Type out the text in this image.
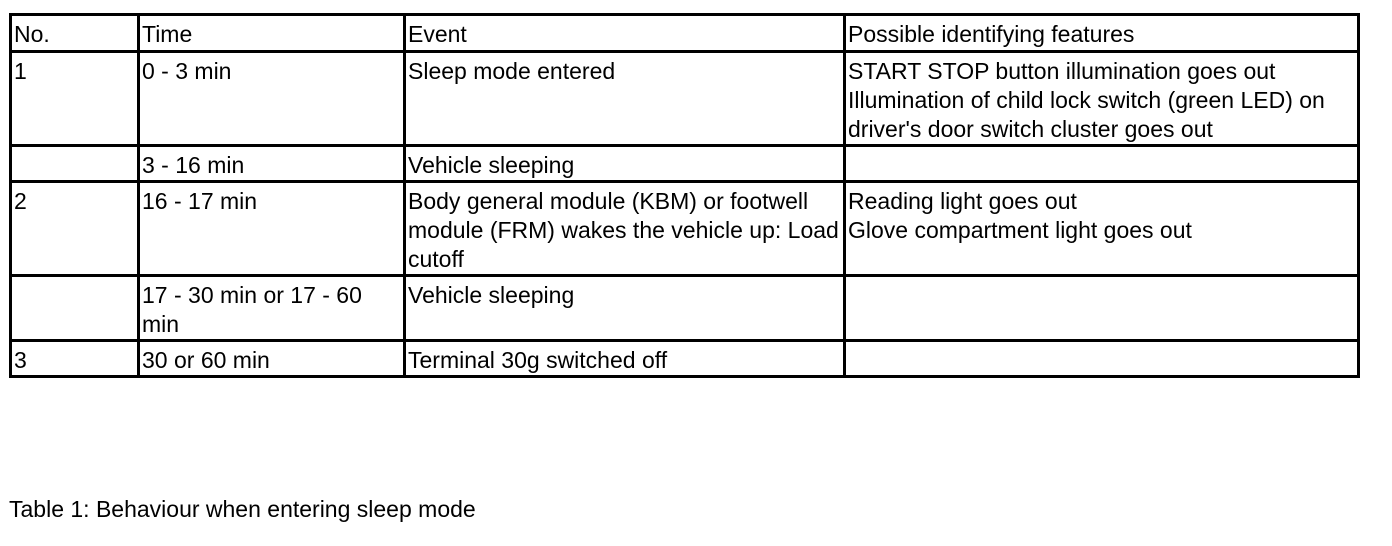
No.	Time	Event	Possible identifying features
1	0 - 3 min	Sleep mode entered	START STOP button illumination goes out
Illumination of child lock switch (green LED) on driver's door switch cluster goes out

	3 - 16 min	Vehicle sleeping	
2	16 - 17 min	Body general module (KBM) or footwell module (FRM) wakes the vehicle up: Load cutoff	Reading light goes out
Glove compartment light goes out

	17 - 30 min or 17 - 60 min	Vehicle sleeping	
3	30 or 60 min	Terminal 30g switched off	
Table 1: Behaviour when entering sleep mode
